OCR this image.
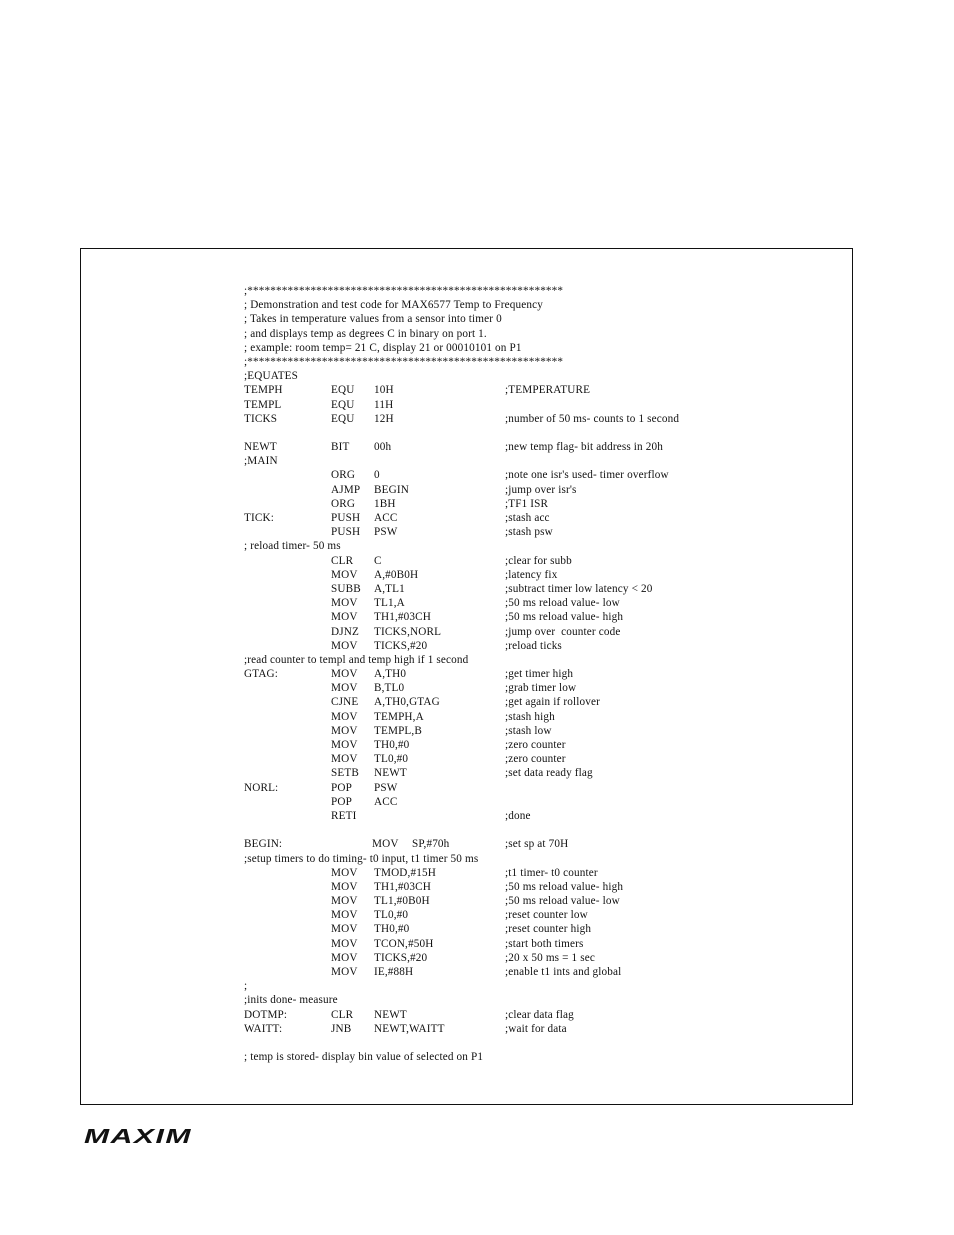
;*******************************************************
; Demonstration and test code for MAX6577 Temp to Frequency
; Takes in temperature values from a sensor into timer 0
; and displays temp as degrees C in binary on port 1.
; example: room temp= 21 C, display 21 or 00010101 on P1
;*******************************************************
;EQUATES
TEMPH	EQU 10H	;TEMPERATURE
TEMPL	EQU 11H
TICKS	EQU 12H	;number of 50 ms- counts to 1 second
NEWT	BIT 00h	;new temp flag- bit address in 20h
;MAIN
ORG 0	;note one isr's used- timer overflow
AJMP BEGIN	;jump over isr's
ORG 1BH	;TF1 ISR
TICK:	PUSH ACC	;stash acc
PUSH PSW	;stash psw
; reload timer- 50 ms
CLR C	;clear for subb
MOV A,#0B0H	;latency fix
SUBB A,TL1	;subtract timer low latency < 20
MOV TL1,A	;50 ms reload value- low
MOV TH1,#03CH	;50 ms reload value- high
DJNZ TICKS,NORL	;jump over  counter code
MOV TICKS,#20	;reload ticks
;read counter to templ and temp high if 1 second
GTAG:	MOV A,TH0	;get timer high
MOV B,TL0	;grab timer low
CJNE A,TH0,GTAG	;get again if rollover
MOV TEMPH,A	;stash high
MOV TEMPL,B	;stash low
MOV TH0,#0	;zero counter
MOV TL0,#0	;zero counter
SETB NEWT	;set data ready flag
NORL:	POP PSW
POP ACC
RETI	;done
BEGIN:	MOV SP,#70h	;set sp at 70H
;setup timers to do timing- t0 input, t1 timer 50 ms
MOV TMOD,#15H	;t1 timer- t0 counter
MOV TH1,#03CH	;50 ms reload value- high
MOV TL1,#0B0H	;50 ms reload value- low
MOV TL0,#0	;reset counter low
MOV TH0,#0	;reset counter high
MOV TCON,#50H	;start both timers
MOV TICKS,#20	;20 x 50 ms = 1 sec
MOV IE,#88H	;enable t1 ints and global
;
;inits done- measure
DOTMP:	CLR NEWT	;clear data flag
WAITT:	JNB NEWT,WAITT	;wait for data
; temp is stored- display bin value of selected on P1
MAXIM
